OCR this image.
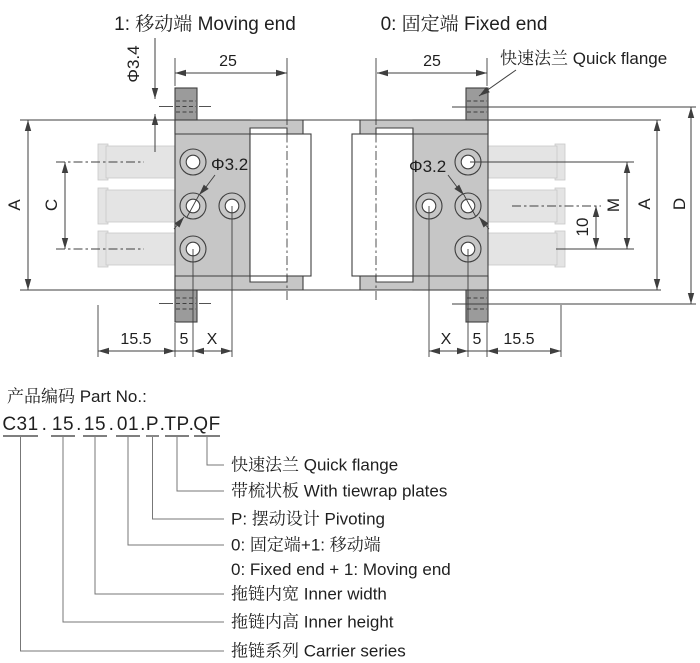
1: 移动端 Moving end	0: 固定端 Fixed end
快速法兰 Quick flange
Φ3.4
Φ3.2	Φ3.2
25	25
A C
10
M A D
15.5 5 X	X 5 15.5
产品编码 Part No.:
C31 . 15 . 15 . 01 . P .
TP
.
QF
快速法兰 Quick flange
带梳状板 With tiewrap plates
P: 摆动设计 Pivoting
0: 固定端+1: 移动端
0: Fixed end + 1: Moving end
拖链内宽 Inner width
拖链内高 Inner height
拖链系列 Carrier series
